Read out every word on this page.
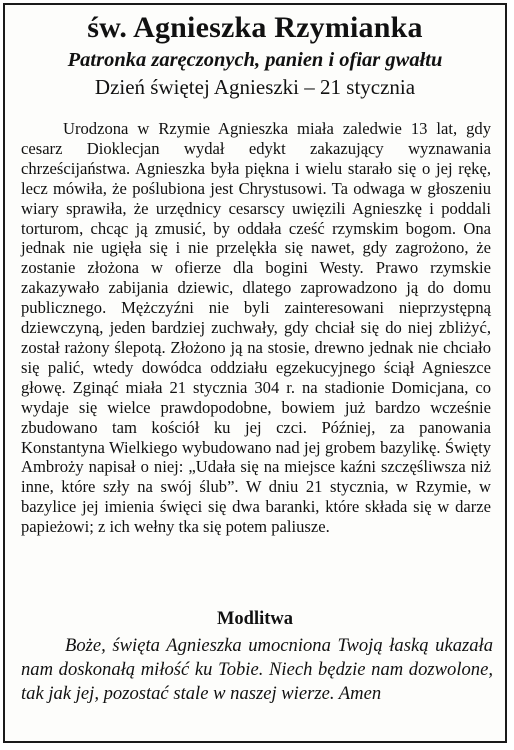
św. Agnieszka Rzymianka
Patronka zaręczonych, panien i ofiar gwałtu
Dzień świętej Agnieszki – 21 stycznia

Urodzona w Rzymie Agnieszka miała zaledwie 13 lat, gdy cesarz Dioklecjan wydał edykt zakazujący wyznawania chrześcijaństwa. Agnieszka była piękna i wielu starało się o jej rękę, lecz mówiła, że poślubiona jest Chrystusowi. Ta odwaga w głoszeniu wiary sprawiła, że urzędnicy cesarscy uwięzili Agnieszkę i poddali torturom, chcąc ją zmusić, by oddała cześć rzymskim bogom. Ona jednak nie ugięła się i nie przelękła się nawet, gdy zagrożono, że zostanie złożona w ofierze dla bogini Westy. Prawo rzymskie zakazywało zabijania dziewic, dlatego zaprowadzono ją do domu publicznego. Mężczyźni nie byli zainteresowani nieprzystępną dziewczyną, jeden bardziej zuchwały, gdy chciał się do niej zbliżyć, został rażony ślepotą. Złożono ją na stosie, drewno jednak nie chciało się palić, wtedy dowódca oddziału egzekucyjnego ściął Agnieszce głowę. Zginąć miała 21 stycznia 304 r. na stadionie Domicjana, co wydaje się wielce prawdopodobne, bowiem już bardzo wcześnie zbudowano tam kościół ku jej czci. Później, za panowania Konstantyna Wielkiego wybudowano nad jej grobem bazylikę. Święty Ambroży napisał o niej: „Udała się na miejsce kaźni szczęśliwsza niż inne, które szły na swój ślub”. W dniu 21 stycznia, w Rzymie, w bazylice jej imienia święci się dwa baranki, które składa się w darze papieżowi; z ich wełny tka się potem paliusze.

Modlitwa

Boże, święta Agnieszka umocniona Twoją łaską ukazała nam doskonałą miłość ku Tobie. Niech będzie nam dozwolone, tak jak jej, pozostać stale w naszej wierze. Amen
